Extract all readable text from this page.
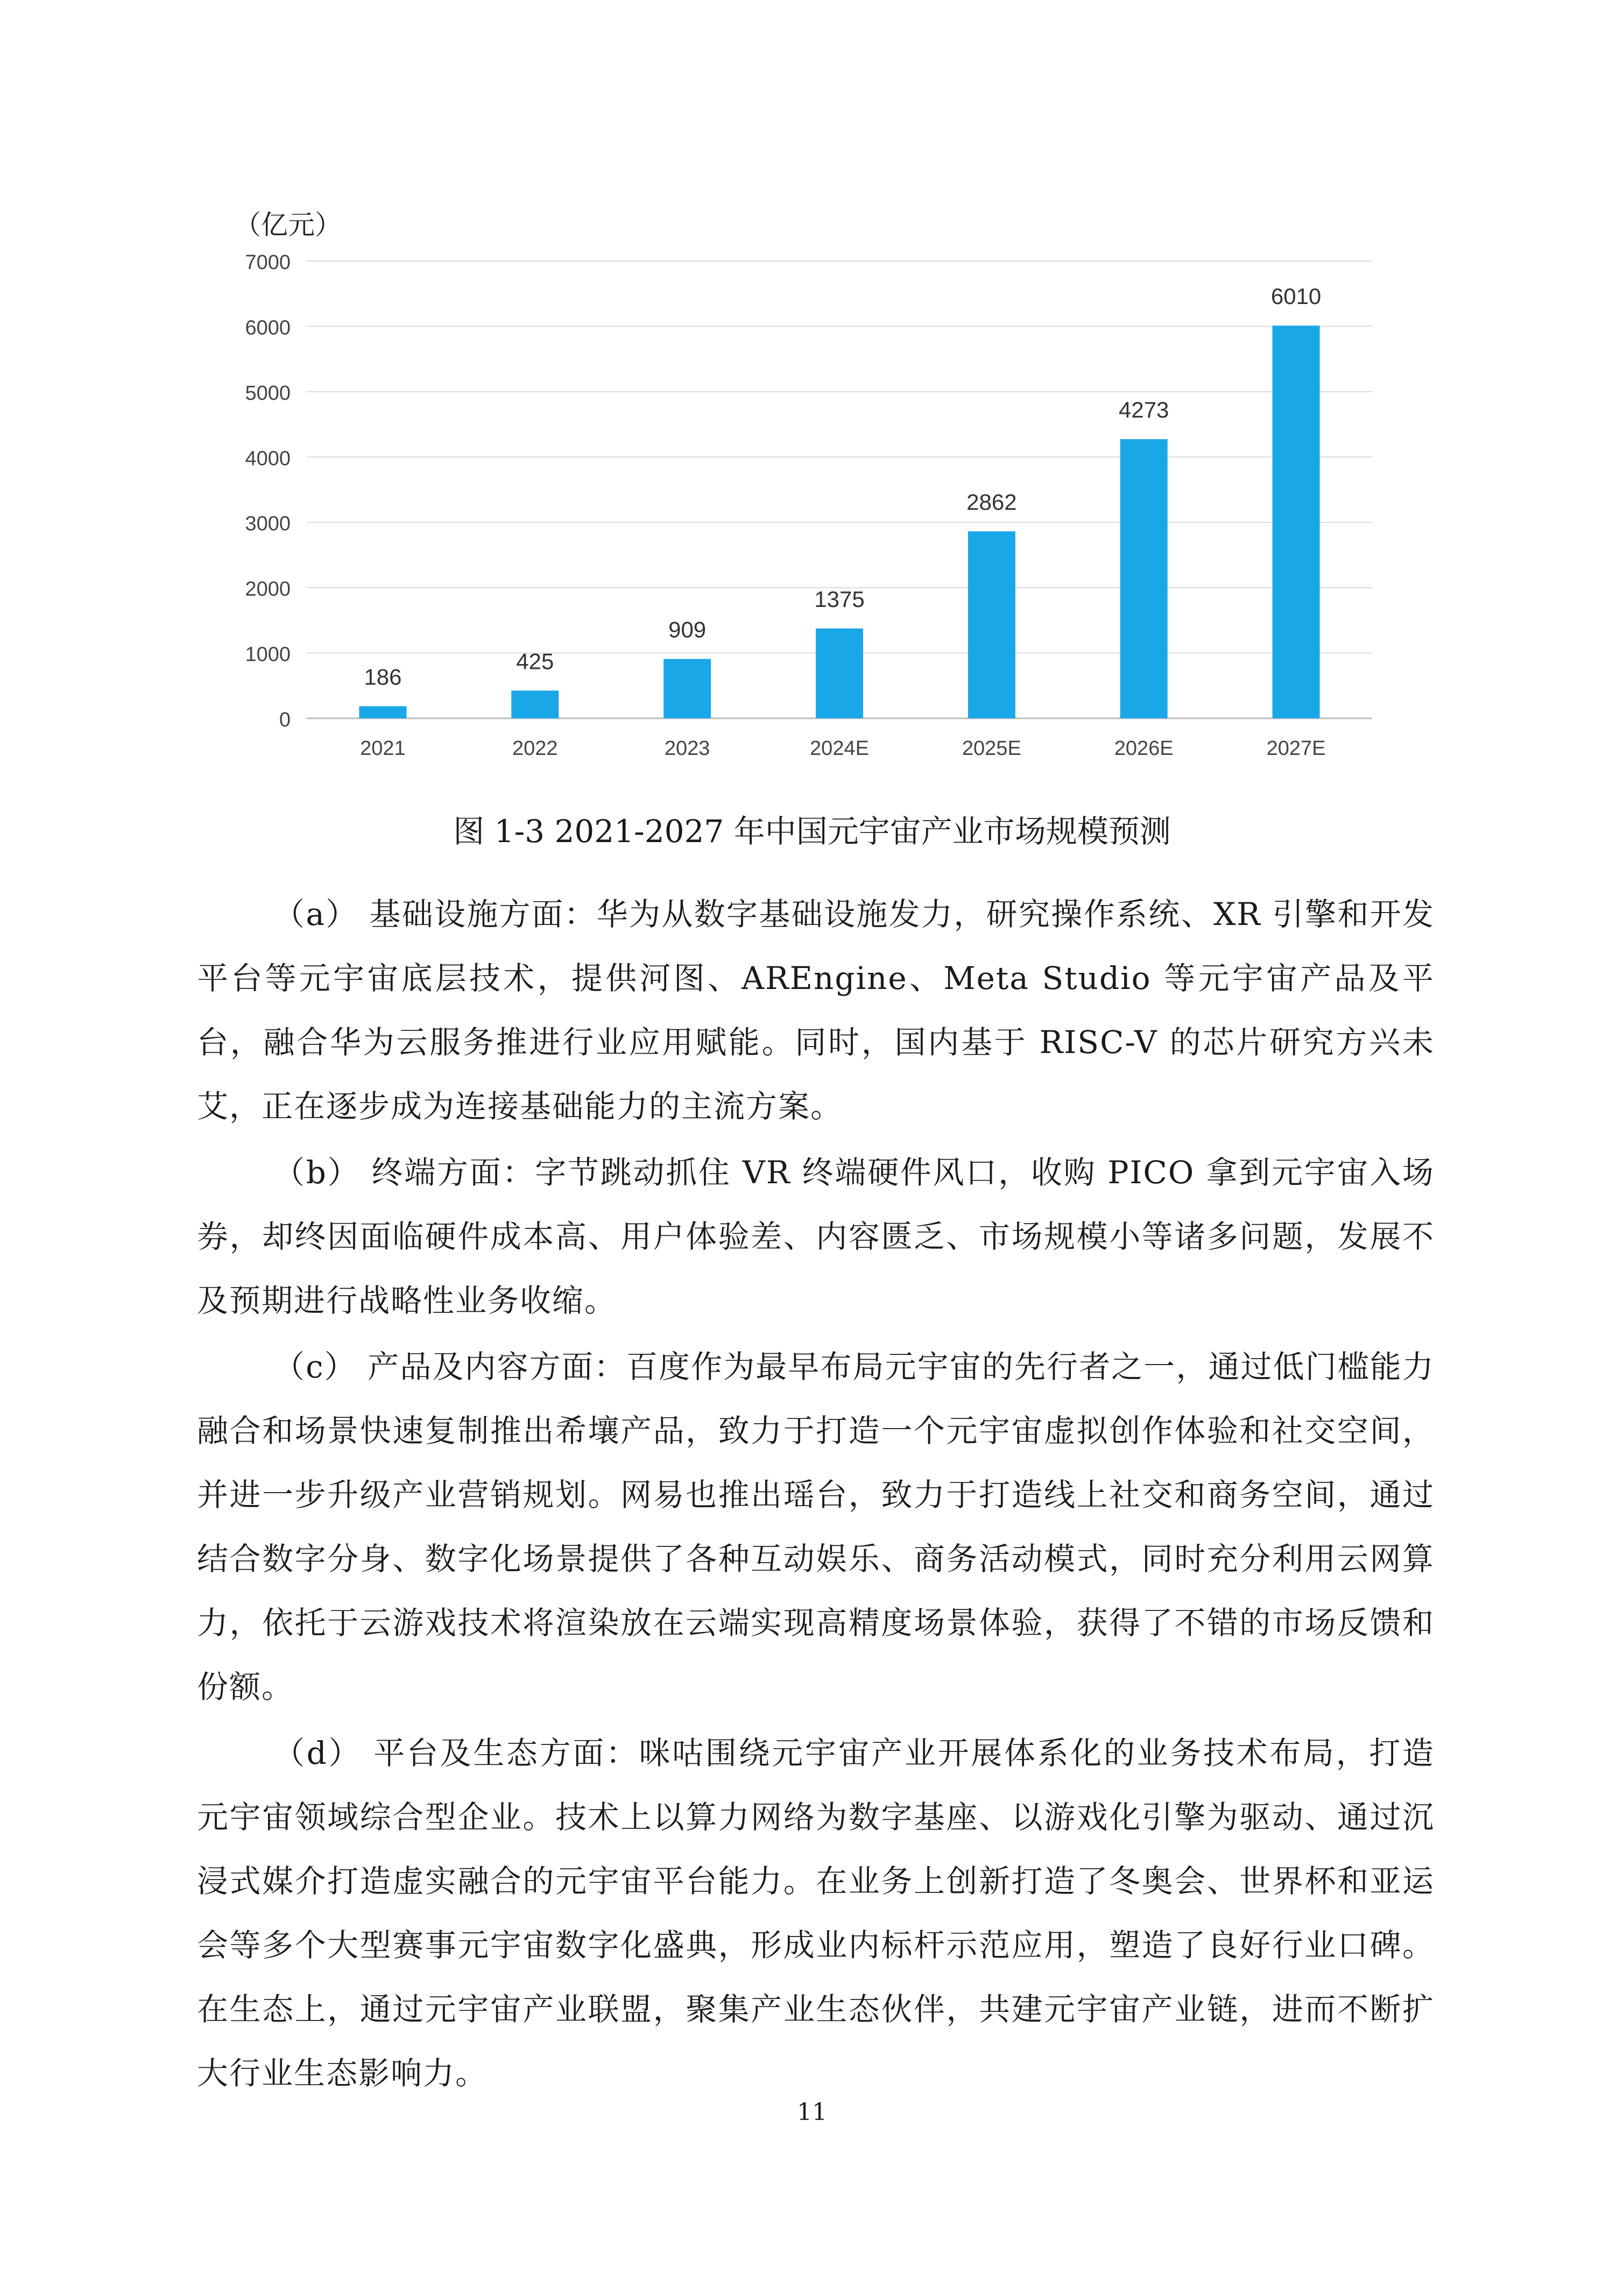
（亿元）
0
1000
2000
3000
4000
5000
6000
7000
186
425
909
1375
2862
4273
6010
2021	2022	2023	2024E	2025E	2026E	2027E

图 1-3 2021-2027 年中国元宇宙产业市场规模预测

（a） 基础设施方面：华为从数字基础设施发力，研究操作系统、XR 引擎和开发平台等元宇宙底层技术，提供河图、AREngine、Meta Studio 等元宇宙产品及平台，融合华为云服务推进行业应用赋能。同时，国内基于 RISC-V 的芯片研究方兴未艾，正在逐步成为连接基础能力的主流方案。

（b） 终端方面：字节跳动抓住 VR 终端硬件风口，收购 PICO 拿到元宇宙入场券，却终因面临硬件成本高、用户体验差、内容匮乏、市场规模小等诸多问题，发展不及预期进行战略性业务收缩。

（c） 产品及内容方面：百度作为最早布局元宇宙的先行者之一，通过低门槛能力融合和场景快速复制推出希壤产品，致力于打造一个元宇宙虚拟创作体验和社交空间，并进一步升级产业营销规划。网易也推出瑶台，致力于打造线上社交和商务空间，通过结合数字分身、数字化场景提供了各种互动娱乐、商务活动模式，同时充分利用云网算力，依托于云游戏技术将渲染放在云端实现高精度场景体验，获得了不错的市场反馈和份额。

（d） 平台及生态方面：咪咕围绕元宇宙产业开展体系化的业务技术布局，打造元宇宙领域综合型企业。技术上以算力网络为数字基座、以游戏化引擎为驱动、通过沉浸式媒介打造虚实融合的元宇宙平台能力。在业务上创新打造了冬奥会、世界杯和亚运会等多个大型赛事元宇宙数字化盛典，形成业内标杆示范应用，塑造了良好行业口碑。在生态上，通过元宇宙产业联盟，聚集产业生态伙伴，共建元宇宙产业链，进而不断扩大行业生态影响力。

11
